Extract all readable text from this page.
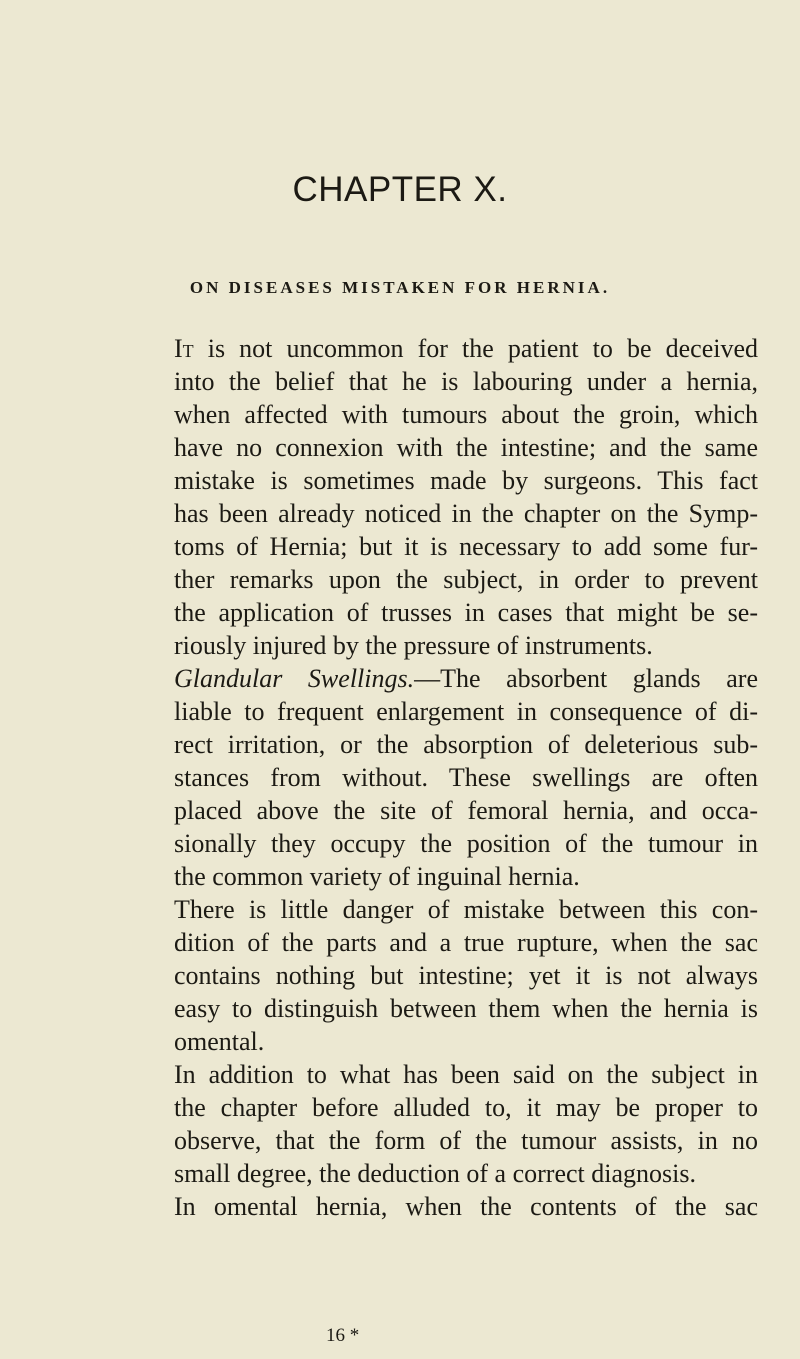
CHAPTER X.
ON DISEASES MISTAKEN FOR HERNIA.
It is not uncommon for the patient to be deceived
into the belief that he is labouring under a hernia,
when affected with tumours about the groin, which
have no connexion with the intestine; and the same
mistake is sometimes made by surgeons. This fact
has been already noticed in the chapter on the Symp-
toms of Hernia; but it is necessary to add some fur-
ther remarks upon the subject, in order to prevent
the application of trusses in cases that might be se-
riously injured by the pressure of instruments.
Glandular Swellings.—The absorbent glands are
liable to frequent enlargement in consequence of di-
rect irritation, or the absorption of deleterious sub-
stances from without. These swellings are often
placed above the site of femoral hernia, and occa-
sionally they occupy the position of the tumour in
the common variety of inguinal hernia.
There is little danger of mistake between this con-
dition of the parts and a true rupture, when the sac
contains nothing but intestine; yet it is not always
easy to distinguish between them when the hernia is
omental.
In addition to what has been said on the subject in
the chapter before alluded to, it may be proper to
observe, that the form of the tumour assists, in no
small degree, the deduction of a correct diagnosis.
In omental hernia, when the contents of the sac

16 *
